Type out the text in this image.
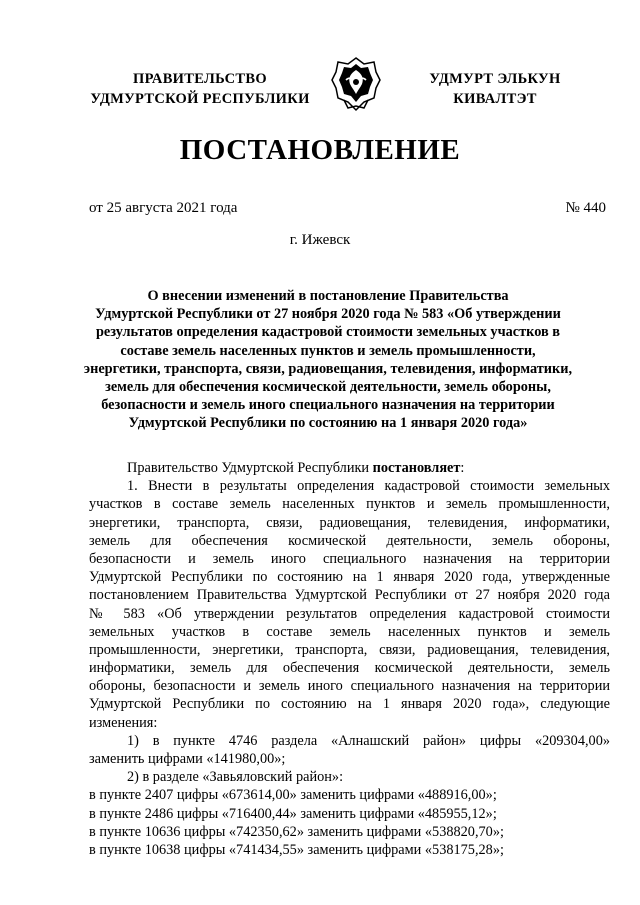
ПРАВИТЕЛЬСТВО
УДМУРТСКОЙ РЕСПУБЛИКИ
УДМУРТ ЭЛЬКУН
КИВАЛТЭТ
ПОСТАНОВЛЕНИЕ
от 25 августа 2021 года	№ 440
г. Ижевск
О внесении изменений в постановление Правительства
Удмуртской Республики от 27 ноября 2020 года № 583 «Об утверждении
результатов определения кадастровой стоимости земельных участков в
составе земель населенных пунктов и земель промышленности,
энергетики, транспорта, связи, радиовещания, телевидения, информатики,
земель для обеспечения космической деятельности, земель обороны,
безопасности и земель иного специального назначения на территории
Удмуртской Республики по состоянию на 1 января 2020 года»
Правительство Удмуртской Республики постановляет:
1. Внести в результаты определения кадастровой стоимости земельных
участков в составе земель населенных пунктов и земель промышленности,
энергетики, транспорта, связи, радиовещания, телевидения, информатики,
земель для обеспечения космической деятельности, земель обороны,
безопасности и земель иного специального назначения на территории
Удмуртской Республики по состоянию на 1 января 2020 года, утвержденные
постановлением Правительства Удмуртской Республики от 27 ноября 2020 года
№ 583 «Об утверждении результатов определения кадастровой стоимости
земельных участков в составе земель населенных пунктов и земель
промышленности, энергетики, транспорта, связи, радиовещания, телевидения,
информатики, земель для обеспечения космической деятельности, земель
обороны, безопасности и земель иного специального назначения на территории
Удмуртской Республики по состоянию на 1 января 2020 года», следующие
изменения:
1) в пункте 4746 раздела «Алнашский район» цифры «209304,00»
заменить цифрами «141980,00»;
2) в разделе «Завьяловский район»:
в пункте 2407 цифры «673614,00» заменить цифрами «488916,00»;
в пункте 2486 цифры «716400,44» заменить цифрами «485955,12»;
в пункте 10636 цифры «742350,62» заменить цифрами «538820,70»;
в пункте 10638 цифры «741434,55» заменить цифрами «538175,28»;
